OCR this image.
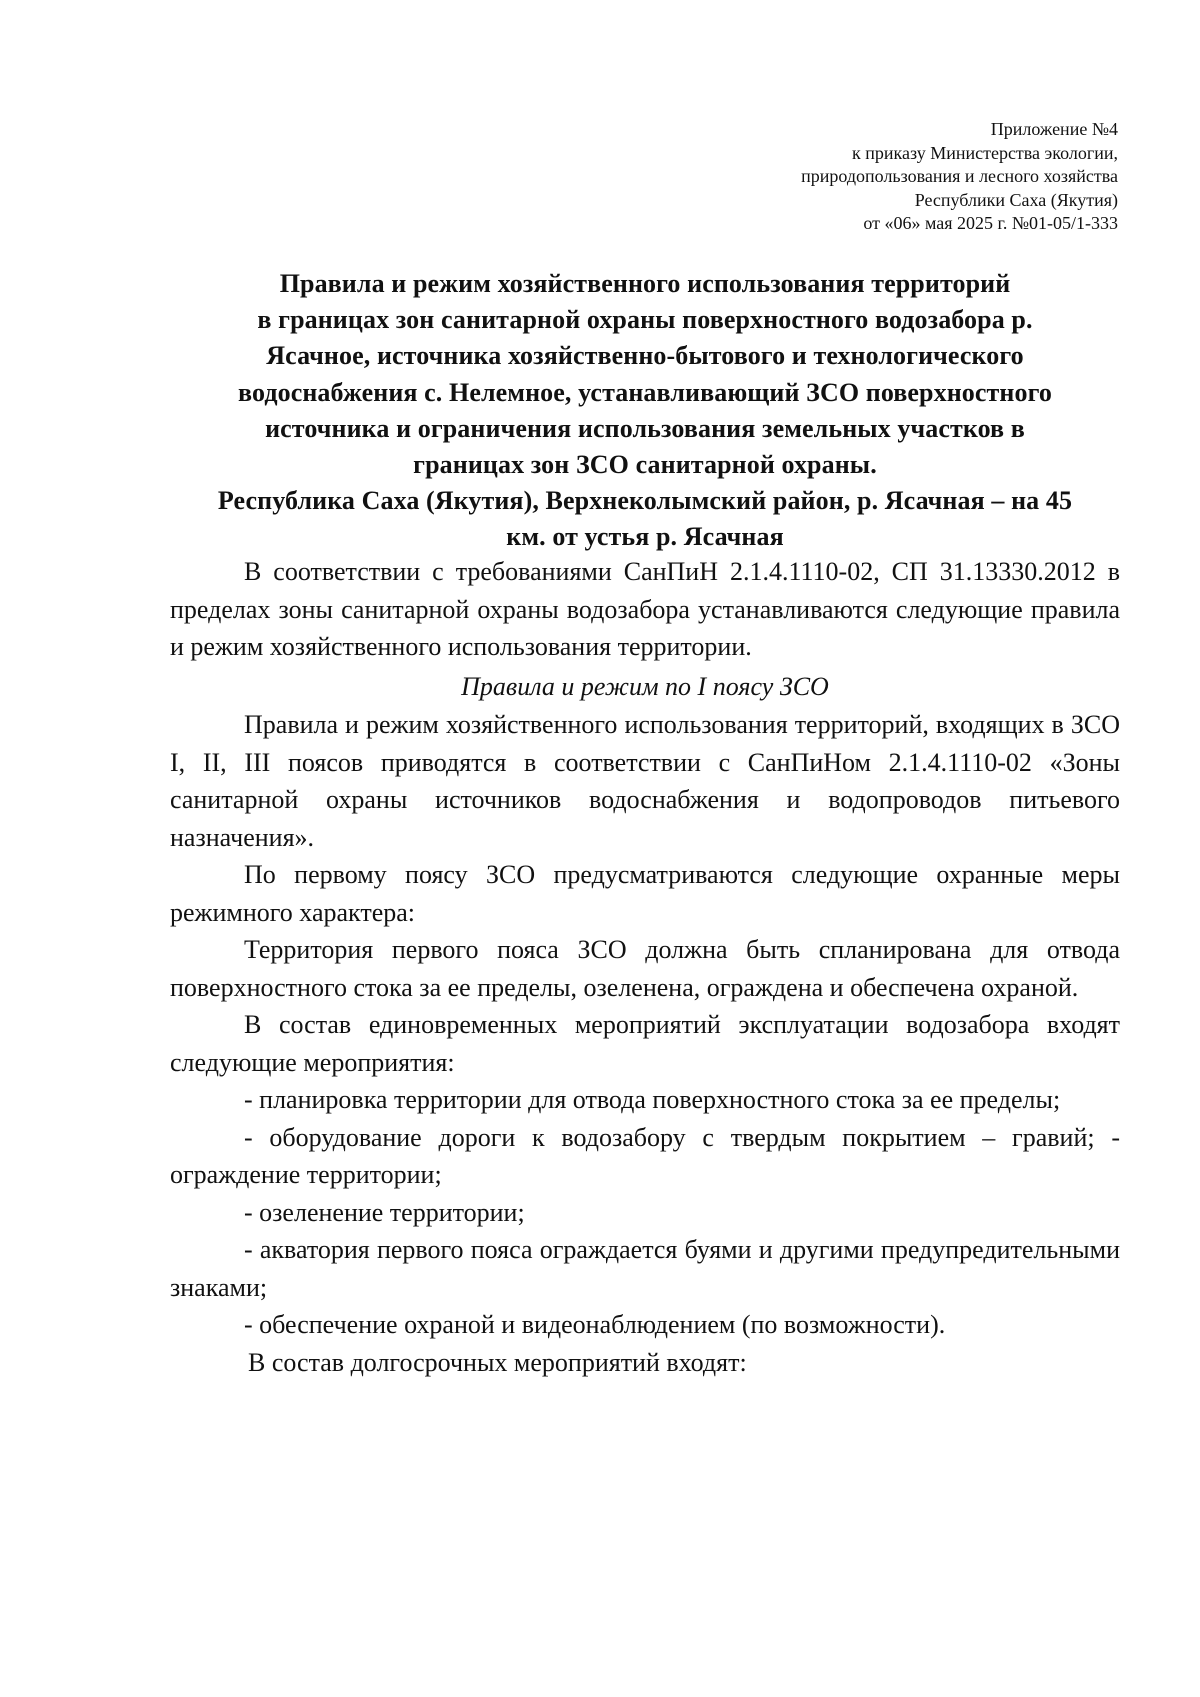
Приложение №4
к приказу Министерства экологии,
природопользования и лесного хозяйства
Республики Саха (Якутия)
от «06» мая 2025 г. №01-05/1-333
Правила и режим хозяйственного использования территорий
в границах зон санитарной охраны поверхностного водозабора р.
Ясачное, источника хозяйственно-бытового и технологического
водоснабжения с. Нелемное, устанавливающий ЗСО поверхностного
источника и ограничения использования земельных участков в
границах зон ЗСО санитарной охраны.
Республика Саха (Якутия), Верхнеколымский район, р. Ясачная – на 45
км. от устья р. Ясачная

В соответствии с требованиями СанПиН 2.1.4.1110-02, СП 31.13330.2012 в пределах зоны санитарной охраны водозабора устанавливаются следующие правила и режим хозяйственного использования территории.

Правила и режим по I поясу ЗСО

Правила и режим хозяйственного использования территорий, входящих в ЗСО I, II, III поясов приводятся в соответствии с СанПиНом 2.1.4.1110-02 «Зоны санитарной охраны источников водоснабжения и водопроводов питьевого назначения».

По первому поясу ЗСО предусматриваются следующие охранные меры режимного характера:

Территория первого пояса ЗСО должна быть спланирована для отвода поверхностного стока за ее пределы, озеленена, ограждена и обеспечена охраной.

В состав единовременных мероприятий эксплуатации водозабора входят следующие мероприятия:

- планировка территории для отвода поверхностного стока за ее пределы;

- оборудование дороги к водозабору с твердым покрытием – гравий; -

ограждение территории;

- озеленение территории;

- акватория первого пояса ограждается буями и другими предупредительными знаками;

- обеспечение охраной и видеонаблюдением (по возможности).

В состав долгосрочных мероприятий входят:
